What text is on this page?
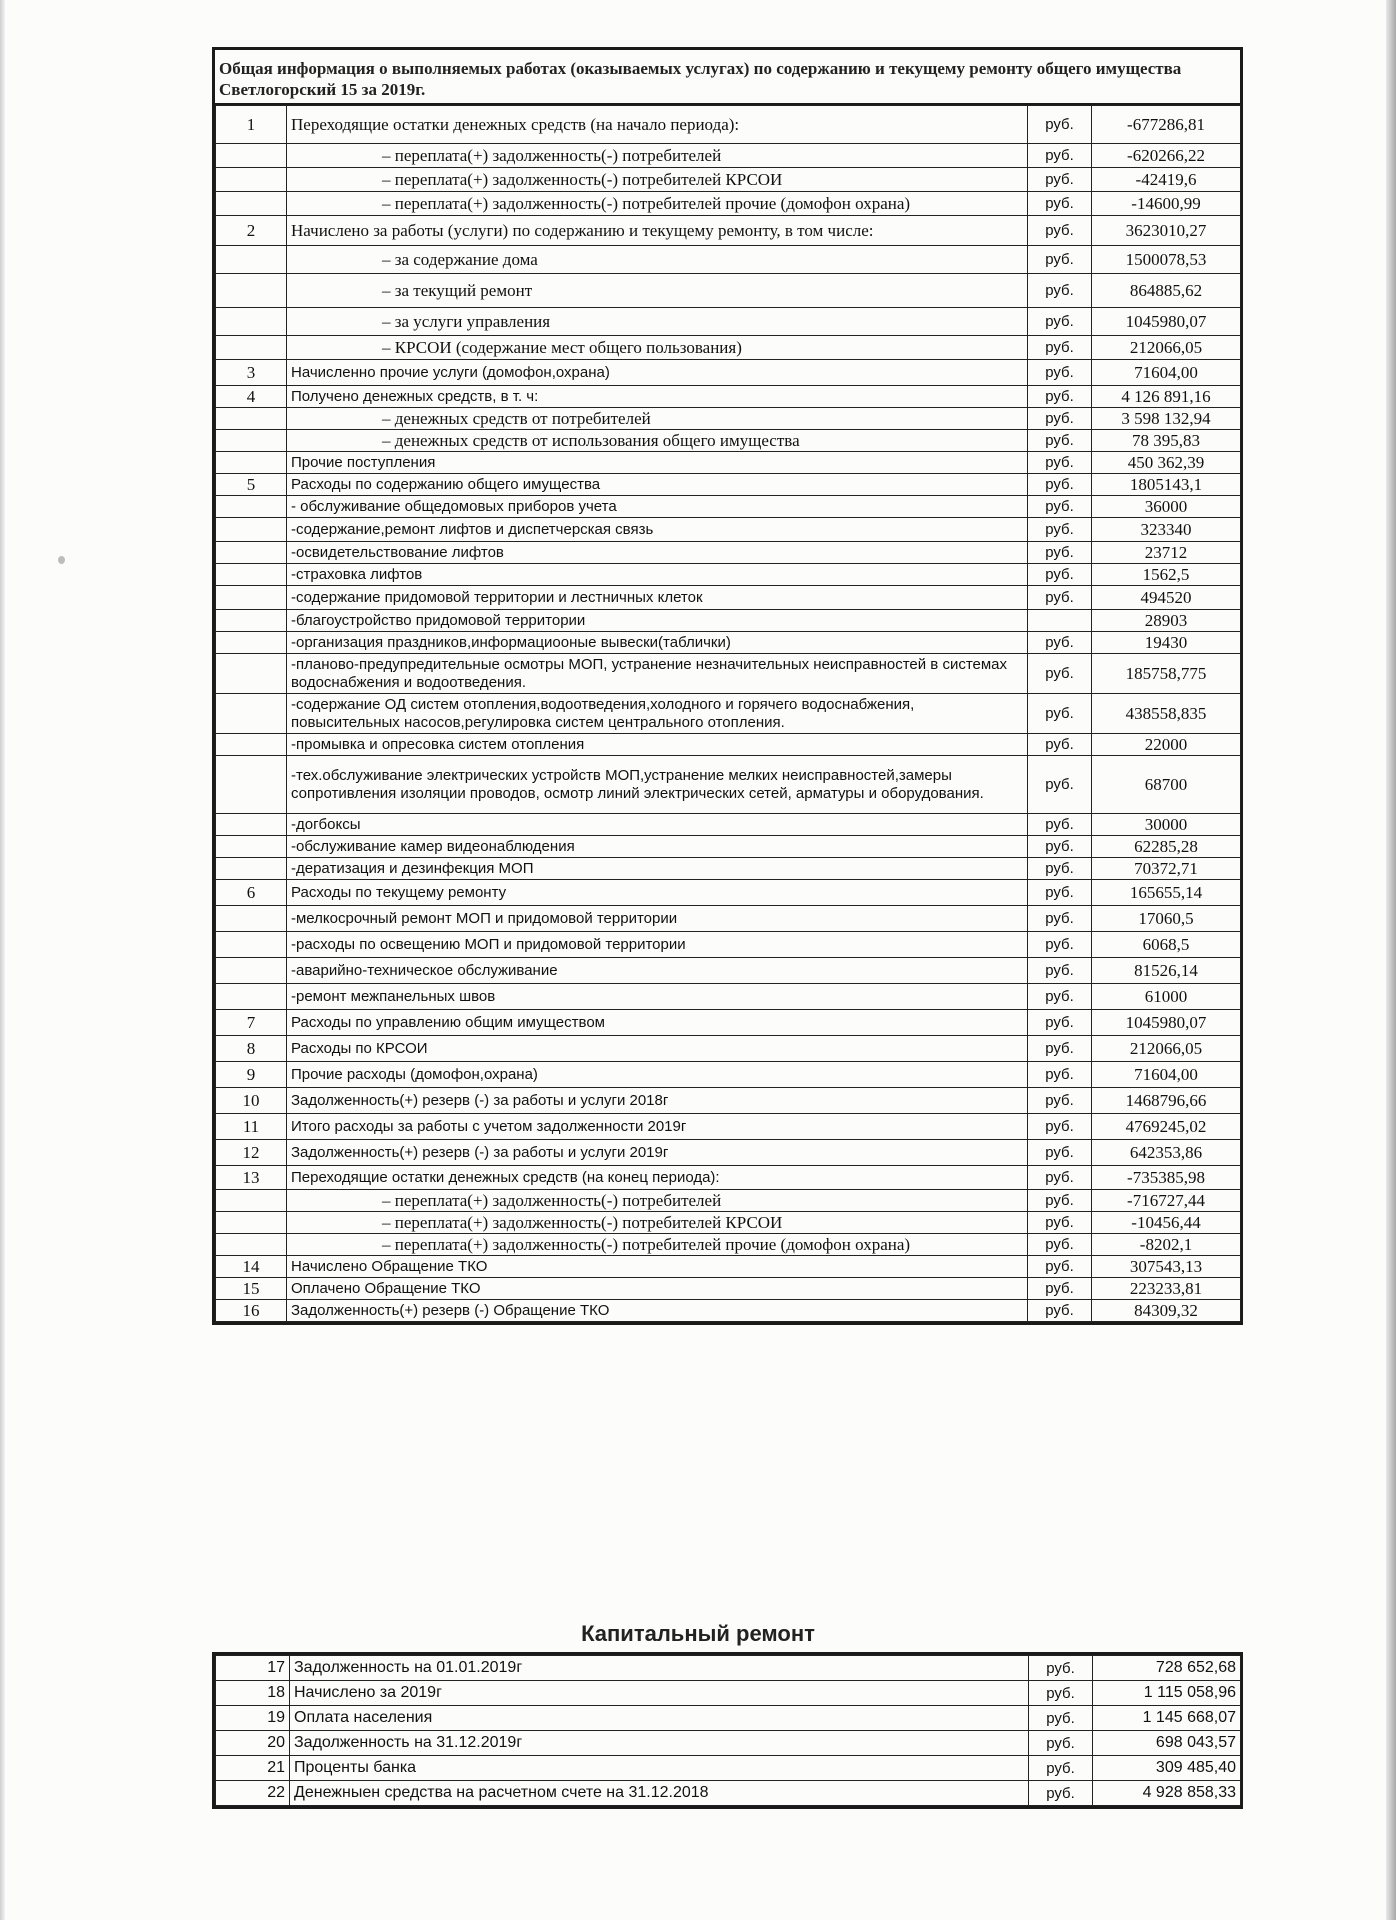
Общая информация о выполняемых работах (оказываемых услугах) по содержанию и текущему ремонту общего имущества Светлогорский 15 за 2019г.
1	Переходящие остатки денежных средств (на начало периода):	руб.	-677286,81
	– переплата(+) задолженность(-) потребителей	руб.	-620266,22
	– переплата(+) задолженность(-) потребителей КРСОИ	руб.	-42419,6
	– переплата(+) задолженность(-) потребителей прочие (домофон охрана)	руб.	-14600,99
2	Начислено за работы (услуги) по содержанию и текущему ремонту, в том числе:	руб.	3623010,27
	– за содержание дома	руб.	1500078,53
	– за текущий ремонт	руб.	864885,62
	– за услуги управления	руб.	1045980,07
	– КРСОИ (содержание мест общего пользования)	руб.	212066,05
3	Начисленно прочие услуги (домофон,охрана)	руб.	71604,00
4	Получено денежных средств, в т. ч:	руб.	4 126 891,16
	– денежных средств от потребителей	руб.	3 598 132,94
	– денежных средств от использования общего имущества	руб.	78 395,83
	Прочие поступления	руб.	450 362,39
5	Расходы по содержанию общего имущества	руб.	1805143,1
	- обслуживание общедомовых приборов учета	руб.	36000
	-содержание,ремонт лифтов и диспетчерская связь	руб.	323340
	-освидетельствование лифтов	руб.	23712
	-страховка лифтов	руб.	1562,5
	-содержание придомовой территории и лестничных клеток	руб.	494520
	-благоустройство придомовой территории		28903
	-организация праздников,информациооные вывески(таблички)	руб.	19430
	-планово-предупредительные осмотры МОП, устранение незначительных неисправностей в системах водоснабжения и водоотведения.	руб.	185758,775
	-содержание ОД систем отопления,водоотведения,холодного и горячего водоснабжения, повысительных насосов,регулировка систем центрального отопления.	руб.	438558,835
	-промывка и опресовка систем отопления	руб.	22000
	-тех.обслуживание электрических устройств МОП,устранение мелких неисправностей,замеры сопротивления изоляции проводов, осмотр линий электрических сетей, арматуры и оборудования.	руб.	68700
	-догбоксы	руб.	30000
	-обслуживание камер видеонаблюдения	руб.	62285,28
	-дератизация и дезинфекция МОП	руб.	70372,71
6	Расходы по текущему ремонту	руб.	165655,14
	-мелкосрочный ремонт МОП и придомовой территории	руб.	17060,5
	-расходы по освещению МОП и придомовой территории	руб.	6068,5
	-аварийно-техническое обслуживание	руб.	81526,14
	-ремонт межпанельных швов	руб.	61000
7	Расходы по управлению общим имуществом	руб.	1045980,07
8	Расходы по КРСОИ	руб.	212066,05
9	Прочие расходы (домофон,охрана)	руб.	71604,00
10	Задолженность(+) резерв (-) за работы и услуги 2018г	руб.	1468796,66
11	Итого расходы за работы с учетом задолженности 2019г	руб.	4769245,02
12	Задолженность(+) резерв (-) за работы и услуги 2019г	руб.	642353,86
13	Переходящие остатки денежных средств (на конец периода):	руб.	-735385,98
	– переплата(+) задолженность(-) потребителей	руб.	-716727,44
	– переплата(+) задолженность(-) потребителей КРСОИ	руб.	-10456,44
	– переплата(+) задолженность(-) потребителей прочие (домофон охрана)	руб.	-8202,1
14	Начислено Обращение ТКО	руб.	307543,13
15	Оплачено Обращение ТКО	руб.	223233,81
16	Задолженность(+) резерв (-) Обращение ТКО	руб.	84309,32
Капитальный ремонт
17	Задолженность на 01.01.2019г	руб.	728 652,68
18	Начислено за 2019г	руб.	1 115 058,96
19	Оплата населения	руб.	1 145 668,07
20	Задолженность на 31.12.2019г	руб.	698 043,57
21	Проценты банка	руб.	309 485,40
22	Денежныен средства на расчетном счете на 31.12.2018	руб.	4 928 858,33
